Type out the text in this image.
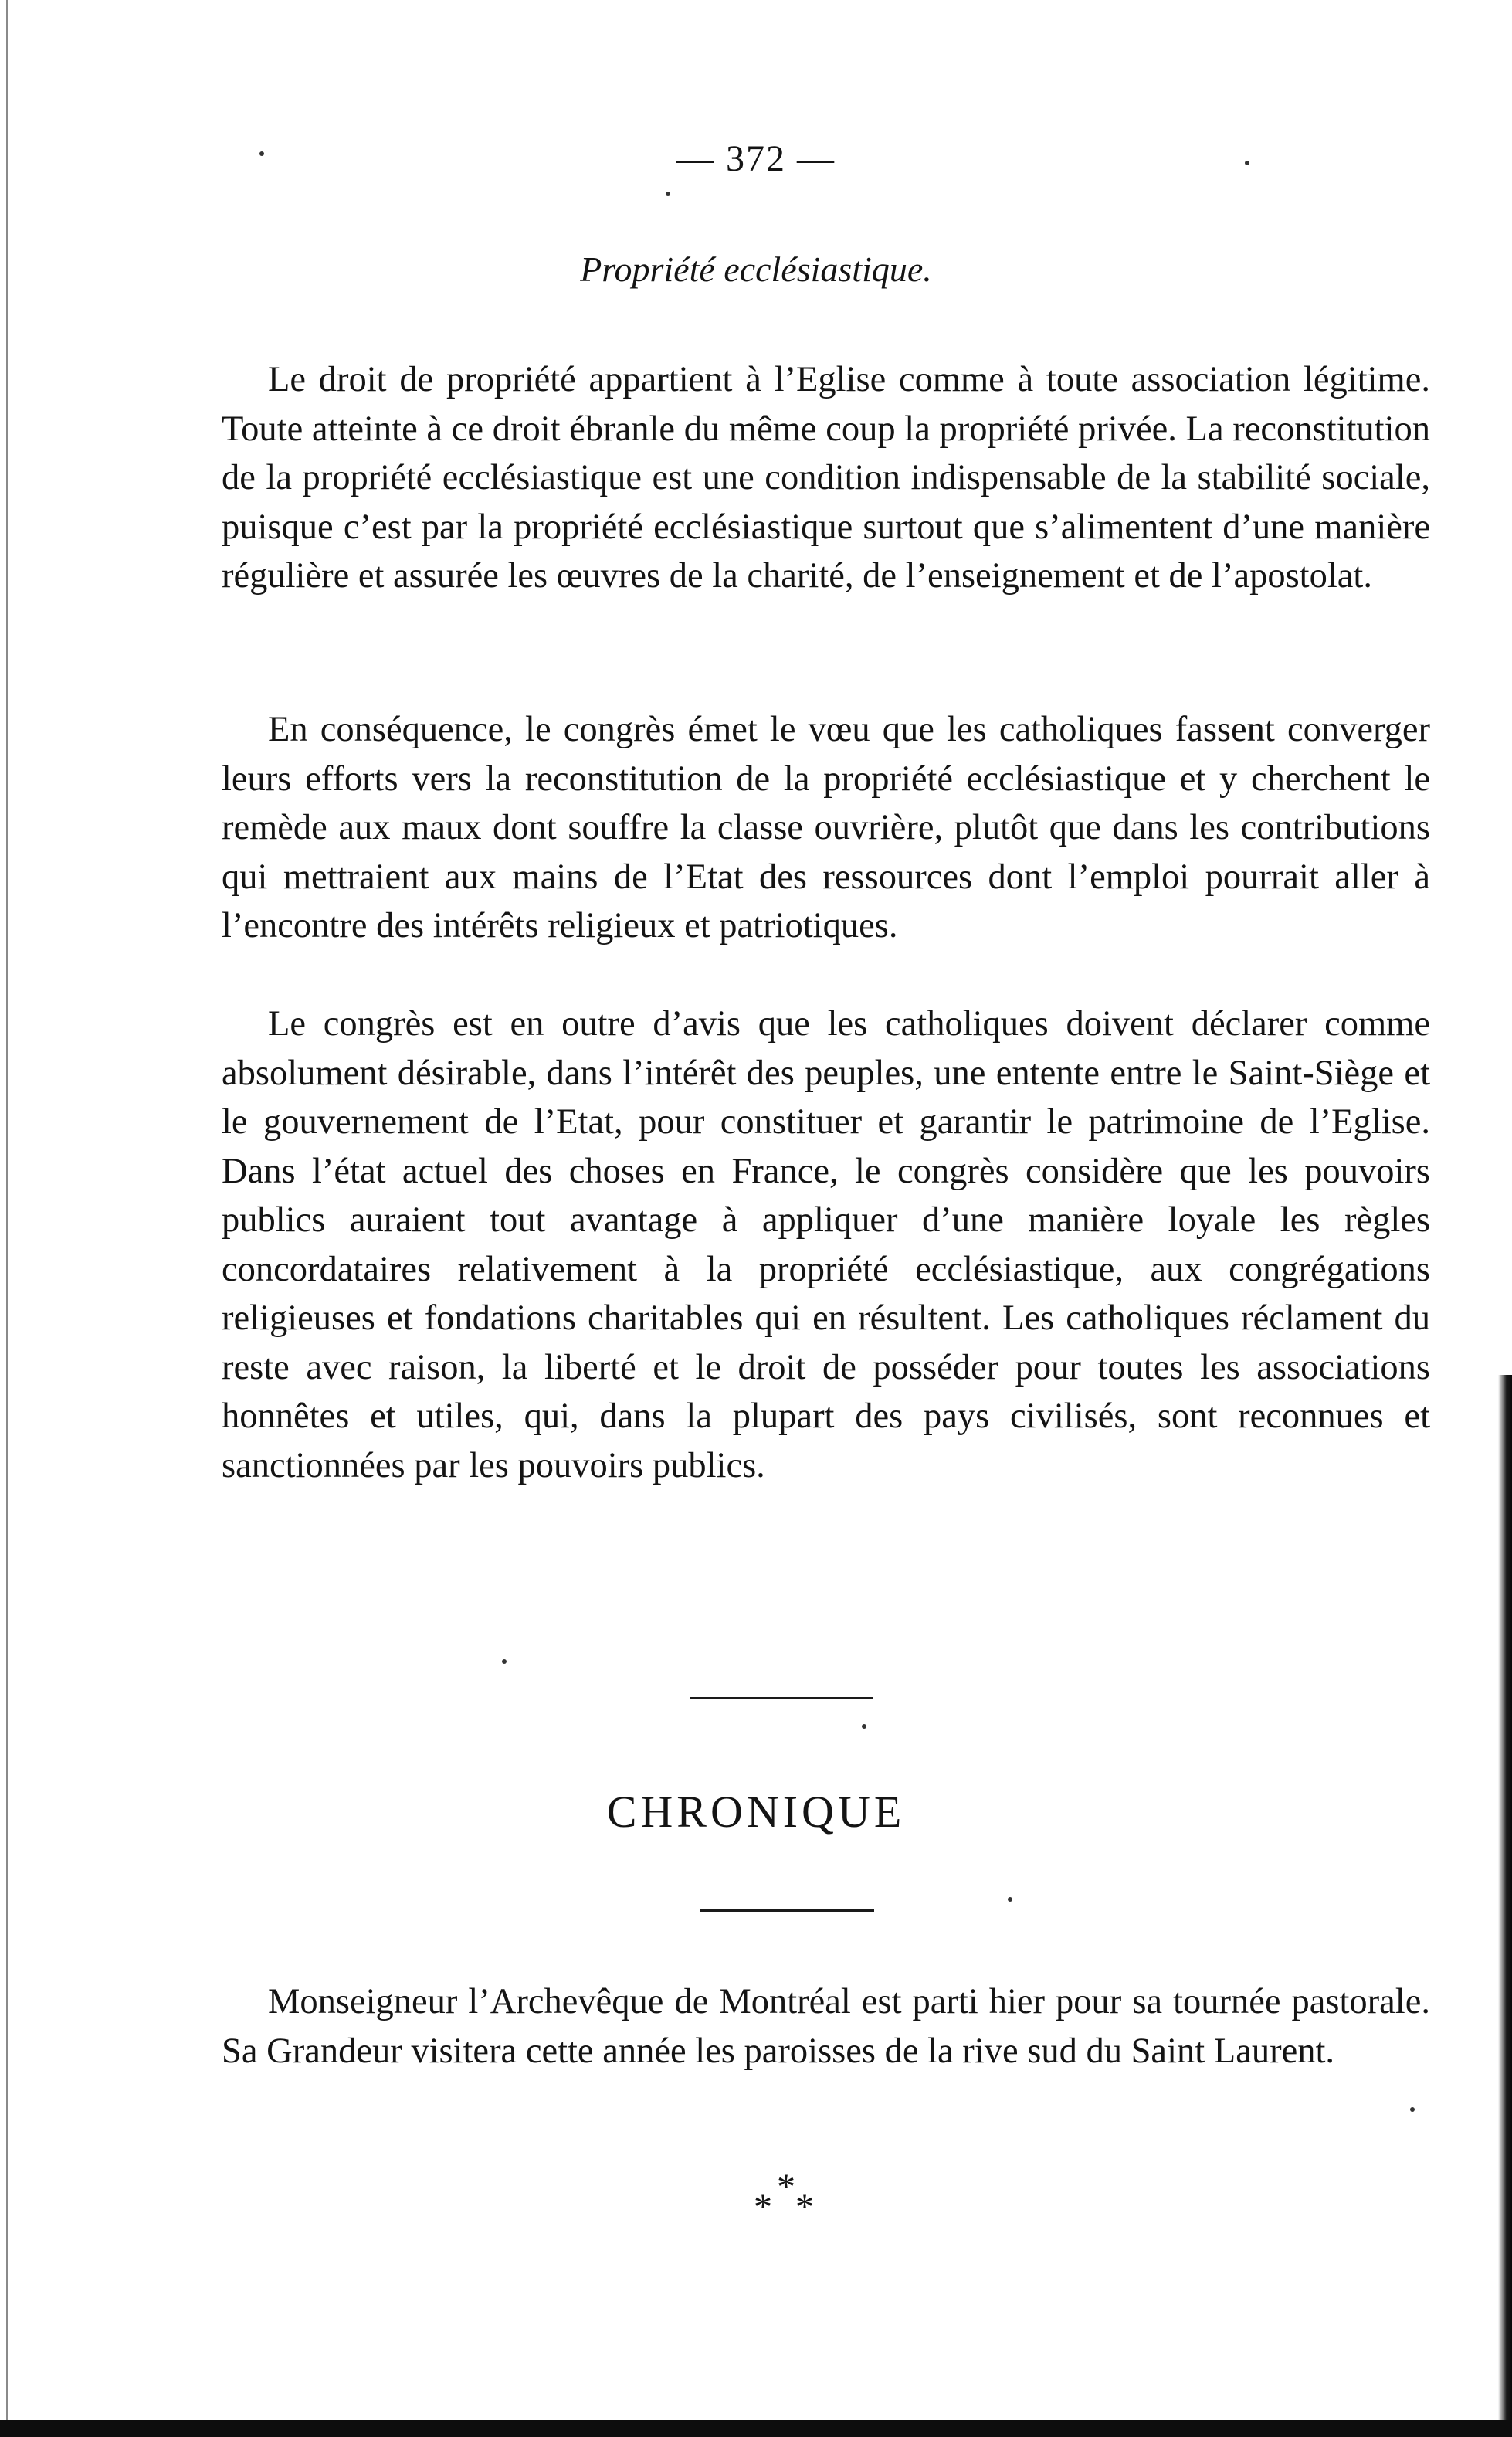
— 372 —
Propriété ecclésiastique.

Le droit de propriété appartient à l’Eglise comme à toute association légitime. Toute atteinte à ce droit ébranle du même coup la propriété privée. La reconstitution de la propriété ecclésiastique est une condition indispensable de la stabilité sociale, puisque c’est par la propriété ecclésiastique surtout que s’alimentent d’une manière régulière et assurée les œuvres de la charité, de l’enseignement et de l’apostolat.

En conséquence, le congrès émet le vœu que les catholiques fassent converger leurs efforts vers la reconstitution de la propriété ecclésiastique et y cherchent le remède aux maux dont souffre la classe ouvrière, plutôt que dans les contributions qui mettraient aux mains de l’Etat des ressources dont l’emploi pourrait aller à l’encontre des intérêts religieux et patriotiques.

Le congrès est en outre d’avis que les catholiques doivent déclarer comme absolument désirable, dans l’intérêt des peuples, une entente entre le Saint-Siège et le gouvernement de l’Etat, pour constituer et garantir le patrimoine de l’Eglise. Dans l’état actuel des choses en France, le congrès considère que les pouvoirs publics auraient tout avantage à appliquer d’une manière loyale les règles concordataires relativement à la propriété ecclésiastique, aux congrégations religieuses et fondations charitables qui en résultent. Les catholiques réclament du reste avec raison, la liberté et le droit de posséder pour toutes les associations honnêtes et utiles, qui, dans la plupart des pays civilisés, sont reconnues et sanctionnées par les pouvoirs publics.

CHRONIQUE

Monseigneur l’Archevêque de Montréal est parti hier pour sa tournée pastorale. Sa Grandeur visitera cette année les paroisses de la rive sud du Saint Laurent.

*
* *
